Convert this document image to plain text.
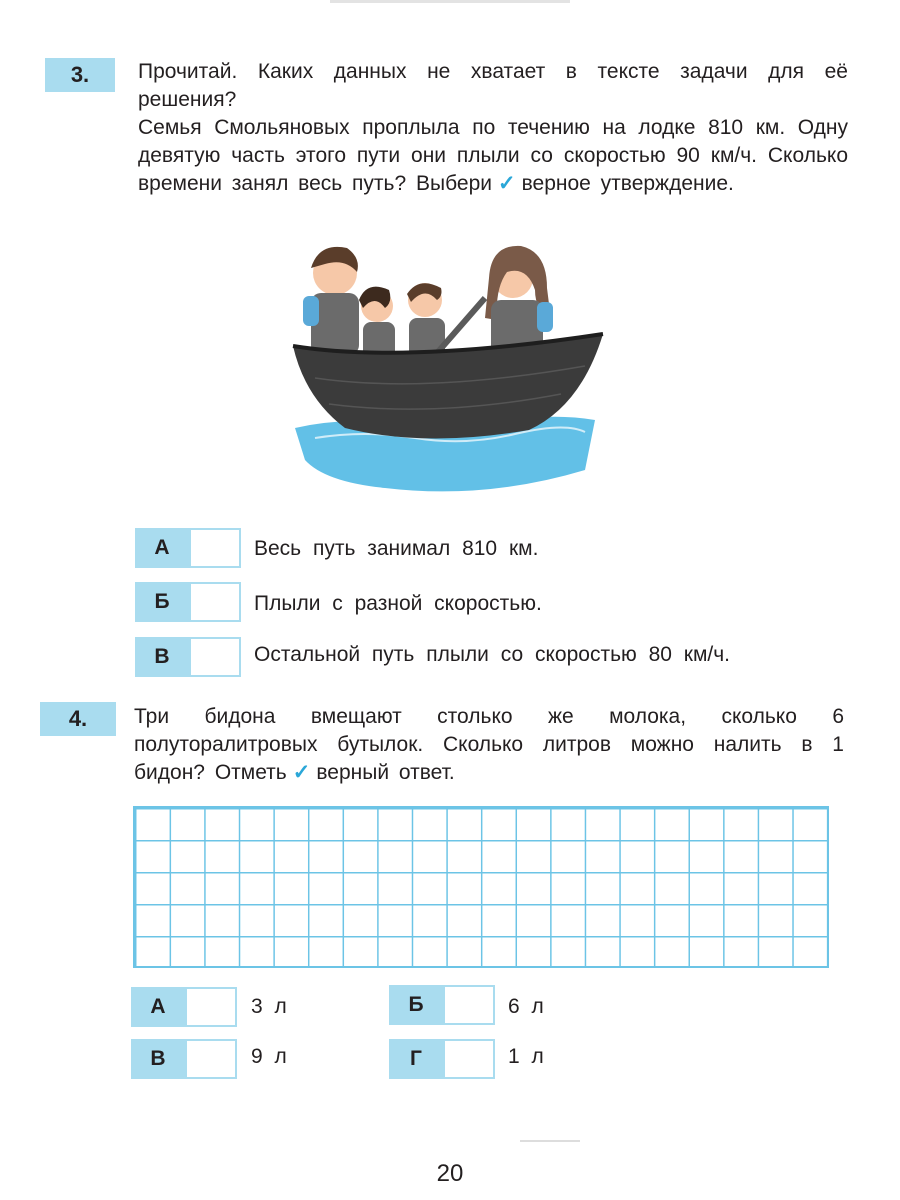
3.	Прочитай. Каких данных не хватает в тексте задачи для её решения?
Семья Смольяновых проплыла по течению на лодке 810 км. Одну девятую часть этого пути они плыли со скоростью 90 км/ч. Сколько времени занял весь путь? Выбери ✓ верное утверждение.
А	Весь путь занимал 810 км.
Б	Плыли с разной скоростью.
В	Остальной путь плыли со скоростью 80 км/ч.
4.	Три бидона вмещают столько же молока, сколько 6 полуторалитровых бутылок. Сколько литров можно налить в 1 бидон? Отметь ✓ верный ответ.
А	3 л	Б	6 л
В	9 л	Г	1 л
20
